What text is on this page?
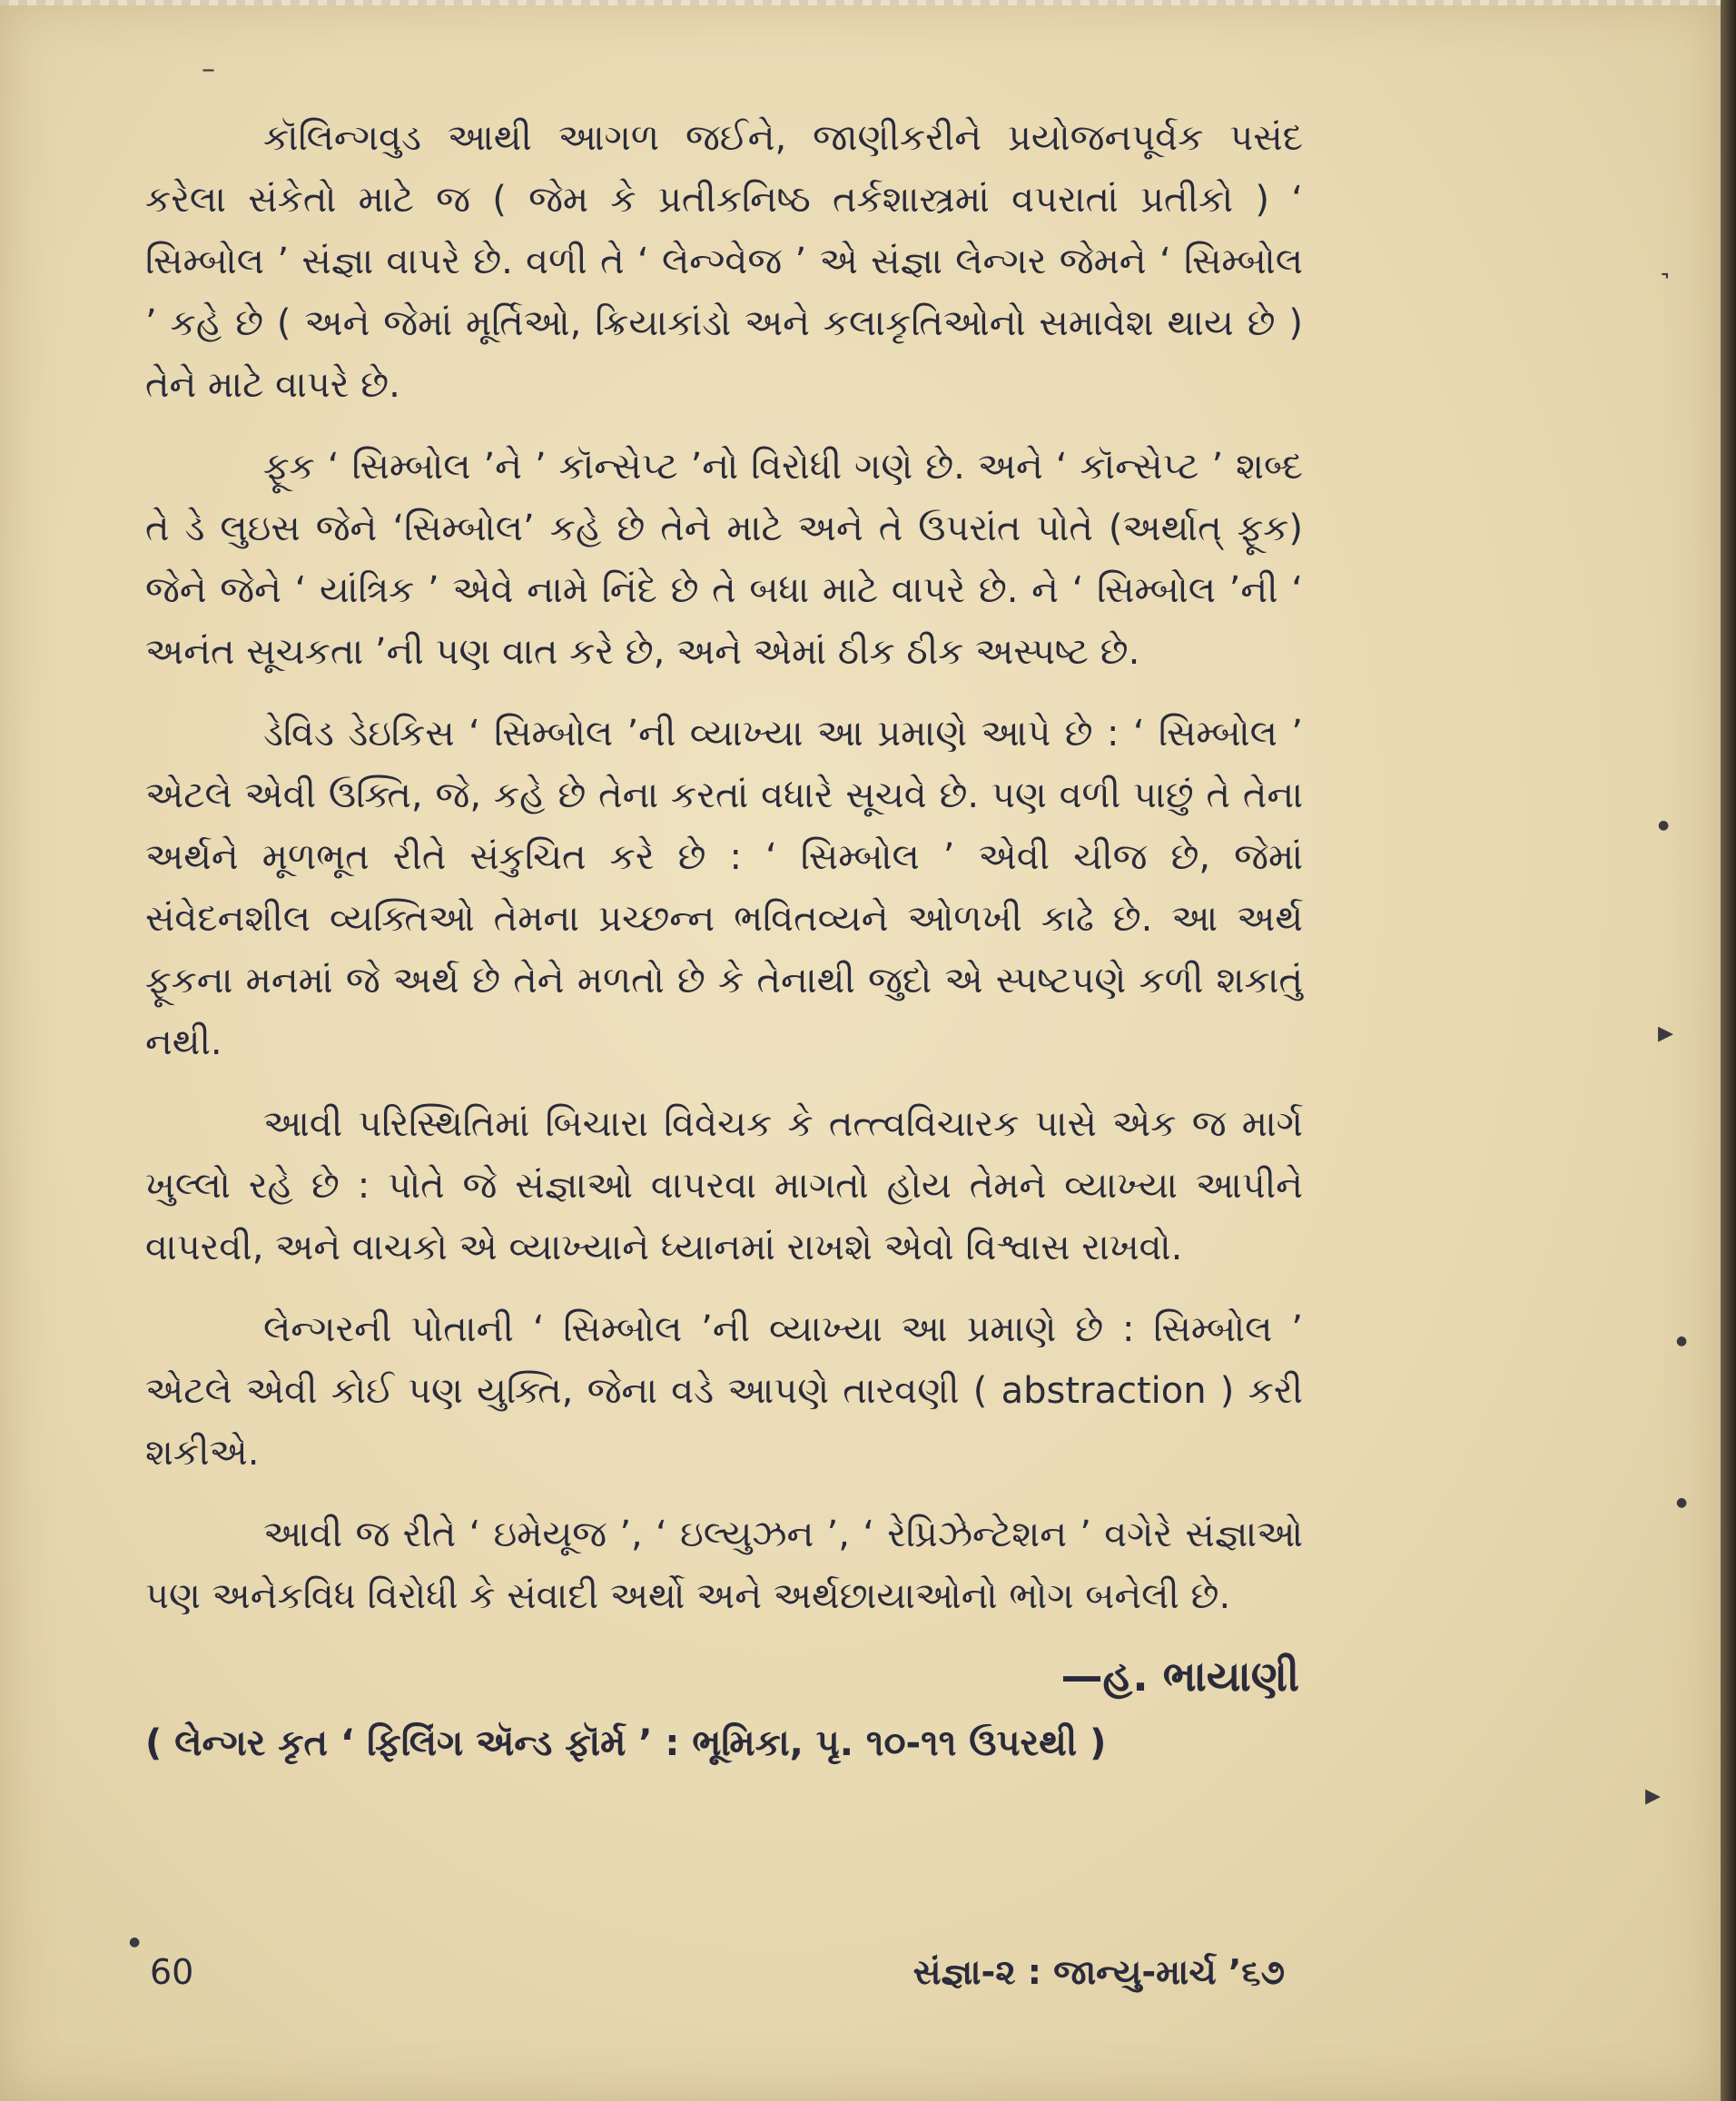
–
˺
●
▸
●
●
▸
●

કૉલિન્ગવુડ આથી આગળ જઈને, જાણીકરીને પ્રયોજનપૂર્વક પસંદ કરેલા સંકેતો માટે જ ( જેમ કે પ્રતીકનિષ્ઠ તર્કશાસ્ત્રમાં વપરાતાં પ્રતીકો ) ‘ સિમ્બોલ ’ સંજ્ઞા વાપરે છે. વળી તે ‘ લેન્ગ્વેજ ’ એ સંજ્ઞા લેન્ગર જેમને ‘ સિમ્બોલ ’ કહે છે ( અને જેમાં મૂર્તિઓ, ક્રિયાકાંડો અને કલાકૃતિઓનો સમાવેશ થાય છે ) તેને માટે વાપરે છે.

ફૂક ‘ સિમ્બોલ ’ને ’ કૉન્સેપ્ટ ’નો વિરોધી ગણે છે. અને ‘ કૉન્સેપ્ટ ’ શબ્દ તે ડે લુઇસ જેને ‘સિમ્બોલ’ કહે છે તેને માટે અને તે ઉપરાંત પોતે (અર્થાત્ ફૂક) જેને જેને ‘ યાંત્રિક ’ એવે નામે નિંદે છે તે બધા માટે વાપરે છે. ને ‘ સિમ્બોલ ’ની ‘ અનંત સૂચકતા ’ની પણ વાત કરે છે, અને એમાં ઠીક ઠીક અસ્પષ્ટ છે.

ડેવિડ ડેઇકિસ ‘ સિમ્બોલ ’ની વ્યાખ્યા આ પ્રમાણે આપે છે : ‘ સિમ્બોલ ’ એટલે એવી ઉક્તિ, જે, કહે છે તેના કરતાં વધારે સૂચવે છે. પણ વળી પાછું તે તેના અર્થને મૂળભૂત રીતે સંકુચિત કરે છે : ‘ સિમ્બોલ ’ એવી ચીજ છે, જેમાં સંવેદનશીલ વ્યક્તિઓ તેમના પ્રચ્છન્ન ભવિતવ્યને ઓળખી કાઢે છે. આ અર્થ ફૂકના મનમાં જે અર્થ છે તેને મળતો છે કે તેનાથી જુદો એ સ્પષ્ટપણે કળી શકાતું નથી.

આવી પરિસ્થિતિમાં બિચારા વિવેચક કે તત્ત્વવિચારક પાસે એક જ માર્ગ ખુલ્લો રહે છે : પોતે જે સંજ્ઞાઓ વાપરવા માગતો હોય તેમને વ્યાખ્યા આપીને વાપરવી, અને વાચકો એ વ્યાખ્યાને ધ્યાનમાં રાખશે એવો વિશ્વાસ રાખવો.

લેન્ગરની પોતાની ‘ સિમ્બોલ ’ની વ્યાખ્યા આ પ્રમાણે છે : સિમ્બોલ ’ એટલે એવી કોઈ પણ યુક્તિ, જેના વડે આપણે તારવણી ( abstraction ) કરી શકીએ.

આવી જ રીતે ‘ ઇમેયૂજ ’, ‘ ઇલ્યુઝન ’, ‘ રેપ્રિઝેન્ટેશન ’ વગેરે સંજ્ઞાઓ પણ અનેકવિધ વિરોધી કે સંવાદી અર્થો અને અર્થછાયાઓનો ભોગ બનેલી છે.

—હ. ભાયાણી

( લેન્ગર કૃત ‘ ફિલિંગ ઍન્ડ ફૉર્મ ’ : ભૂમિકા, પૃ. ૧૦-૧૧ ઉપરથી )

60	સંજ્ઞા-૨ : જાન્યુ-માર્ચ ’૬૭
